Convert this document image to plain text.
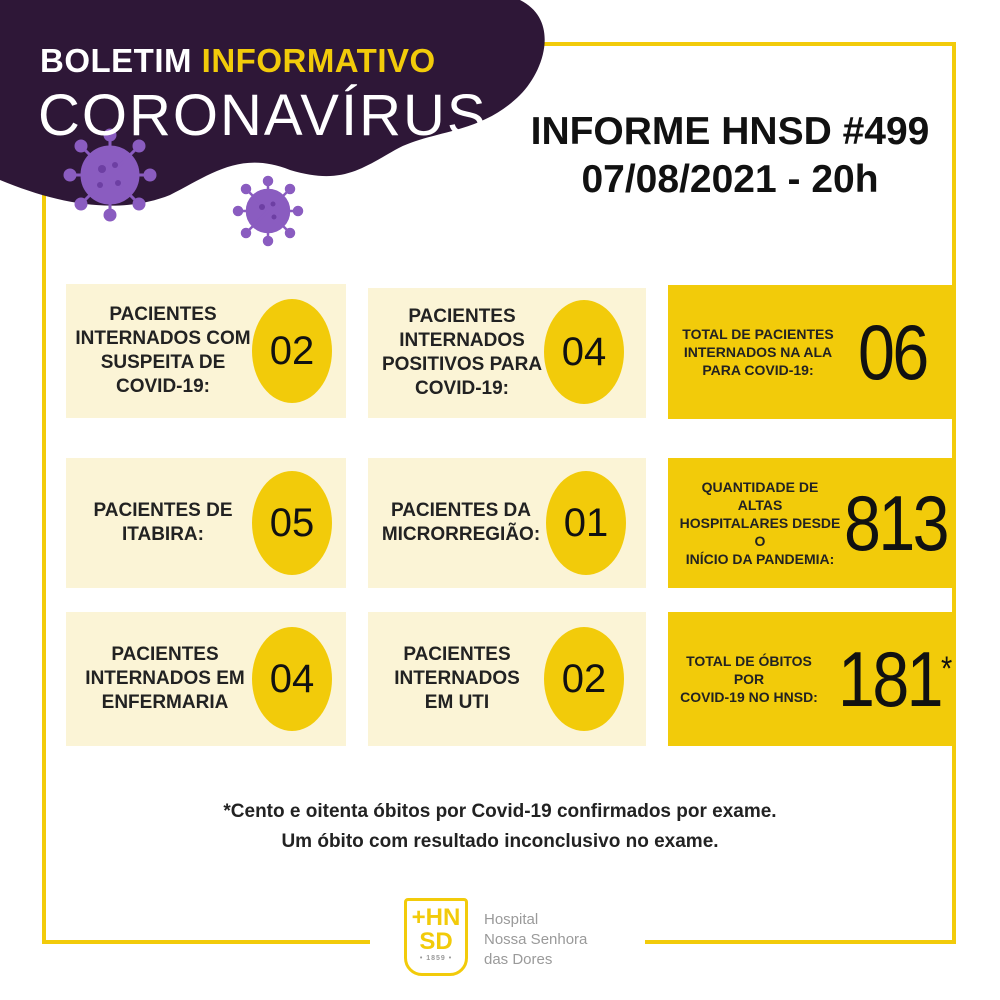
BOLETIM INFORMATIVO
CORONAVÍRUS	INFORME HNSD #499
07/08/2021 - 20h
PACIENTES
INTERNADOS COM
SUSPEITA DE
COVID-19:
02
PACIENTES
INTERNADOS
POSITIVOS PARA
COVID-19:
04	TOTAL DE PACIENTES
INTERNADOS NA ALA
PARA COVID-19: 06
PACIENTES DE
ITABIRA:	05	PACIENTES DA
MICRORREGIÃO: 01
QUANTIDADE DE ALTAS
HOSPITALARES DESDE O
INÍCIO DA PANDEMIA: 813
PACIENTES
INTERNADOS EM
ENFERMARIA
04
PACIENTES
INTERNADOS
EM UTI
02	TOTAL DE ÓBITOS POR
COVID-19 NO HNSD: 181*
*Cento e oitenta óbitos por Covid-19 confirmados por exame.
Um óbito com resultado inconclusivo no exame.
+HN
SD
• 1859 •
Hospital
Nossa Senhora
das Dores
